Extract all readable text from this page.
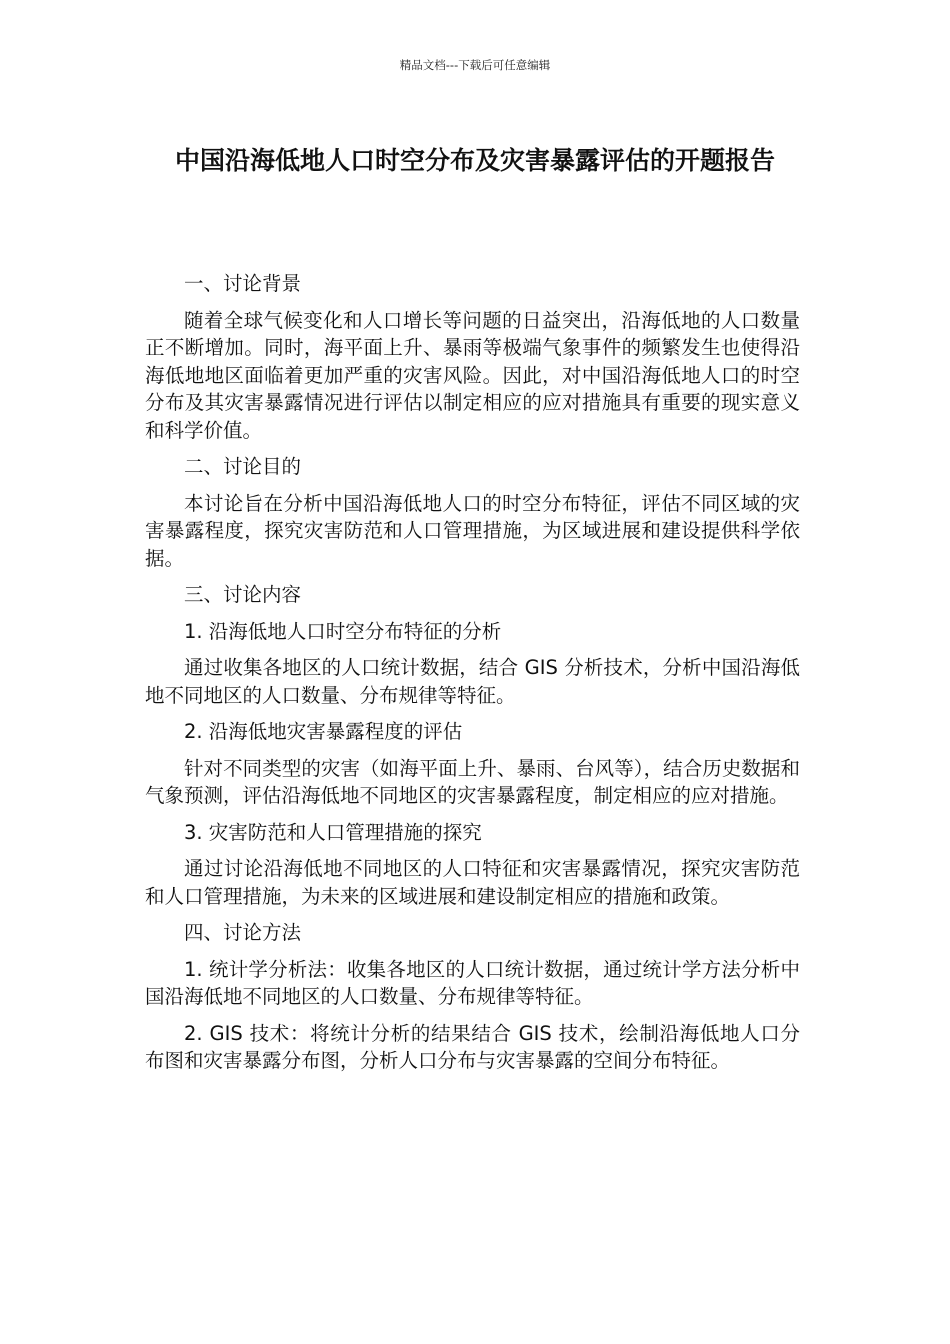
精品文档---下载后可任意编辑
中国沿海低地人口时空分布及灾害暴露评估的开题报告

一、讨论背景

随着全球气候变化和人口增长等问题的日益突出，沿海低地的人口数量正不断增加。同时，海平面上升、暴雨等极端气象事件的频繁发生也使得沿海低地地区面临着更加严重的灾害风险。因此，对中国沿海低地人口的时空分布及其灾害暴露情况进行评估以制定相应的应对措施具有重要的现实意义和科学价值。

二、讨论目的

本讨论旨在分析中国沿海低地人口的时空分布特征，评估不同区域的灾害暴露程度，探究灾害防范和人口管理措施，为区域进展和建设提供科学依据。

三、讨论内容

1. 沿海低地人口时空分布特征的分析

通过收集各地区的人口统计数据，结合 GIS 分析技术，分析中国沿海低地不同地区的人口数量、分布规律等特征。

2. 沿海低地灾害暴露程度的评估

针对不同类型的灾害（如海平面上升、暴雨、台风等），结合历史数据和气象预测，评估沿海低地不同地区的灾害暴露程度，制定相应的应对措施。

3. 灾害防范和人口管理措施的探究

通过讨论沿海低地不同地区的人口特征和灾害暴露情况，探究灾害防范和人口管理措施，为未来的区域进展和建设制定相应的措施和政策。

四、讨论方法

1. 统计学分析法：收集各地区的人口统计数据，通过统计学方法分析中国沿海低地不同地区的人口数量、分布规律等特征。

2. GIS 技术：将统计分析的结果结合 GIS 技术，绘制沿海低地人口分布图和灾害暴露分布图，分析人口分布与灾害暴露的空间分布特征。
